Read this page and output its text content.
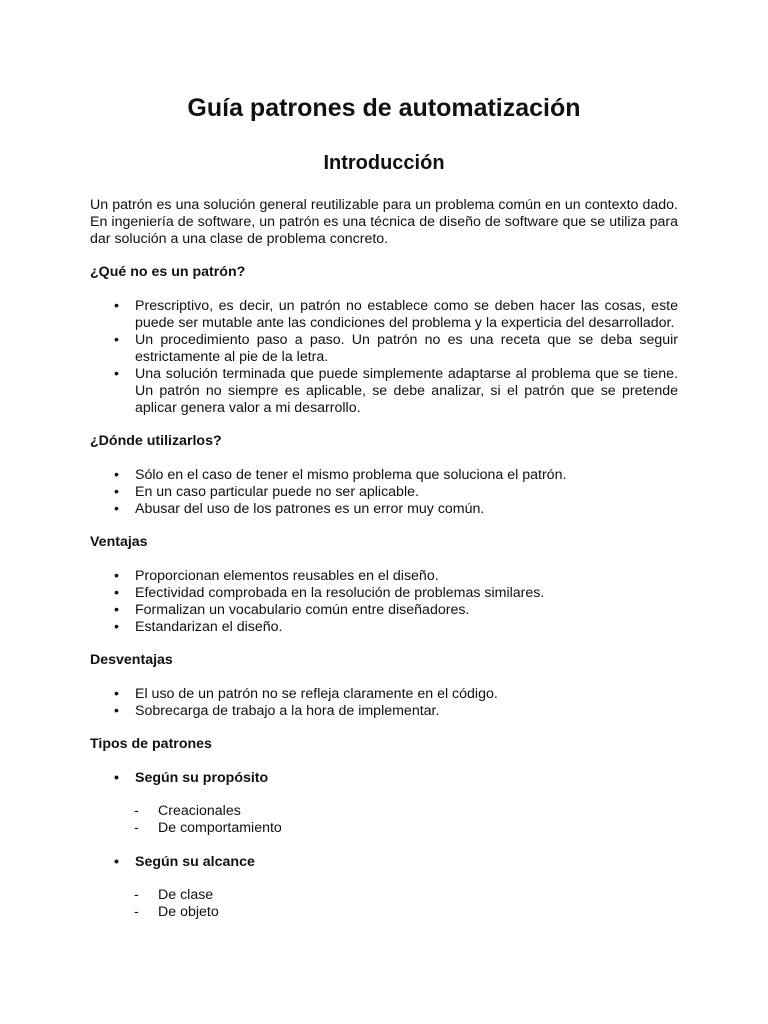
Guía patrones de automatización
Introducción

Un patrón es una solución general reutilizable para un problema común en un contexto dado. En ingeniería de software, un patrón es una técnica de diseño de software que se utiliza para dar solución a una clase de problema concreto.

¿Qué no es un patrón?

• Prescriptivo, es decir, un patrón no establece como se deben hacer las cosas, este puede ser mutable ante las condiciones del problema y la experticia del desarrollador.
• Un procedimiento paso a paso. Un patrón no es una receta que se deba seguir estrictamente al pie de la letra.
• Una solución terminada que puede simplemente adaptarse al problema que se tiene. Un patrón no siempre es aplicable, se debe analizar, si el patrón que se pretende aplicar genera valor a mi desarrollo.

¿Dónde utilizarlos?

• Sólo en el caso de tener el mismo problema que soluciona el patrón.
• En un caso particular puede no ser aplicable.
• Abusar del uso de los patrones es un error muy común.

Ventajas

• Proporcionan elementos reusables en el diseño.
• Efectividad comprobada en la resolución de problemas similares.
• Formalizan un vocabulario común entre diseñadores.
• Estandarizan el diseño.

Desventajas

• El uso de un patrón no se refleja claramente en el código.
• Sobrecarga de trabajo a la hora de implementar.

Tipos de patrones

• Según su propósito
- Creacionales
- De comportamiento
• Según su alcance
- De clase
- De objeto
